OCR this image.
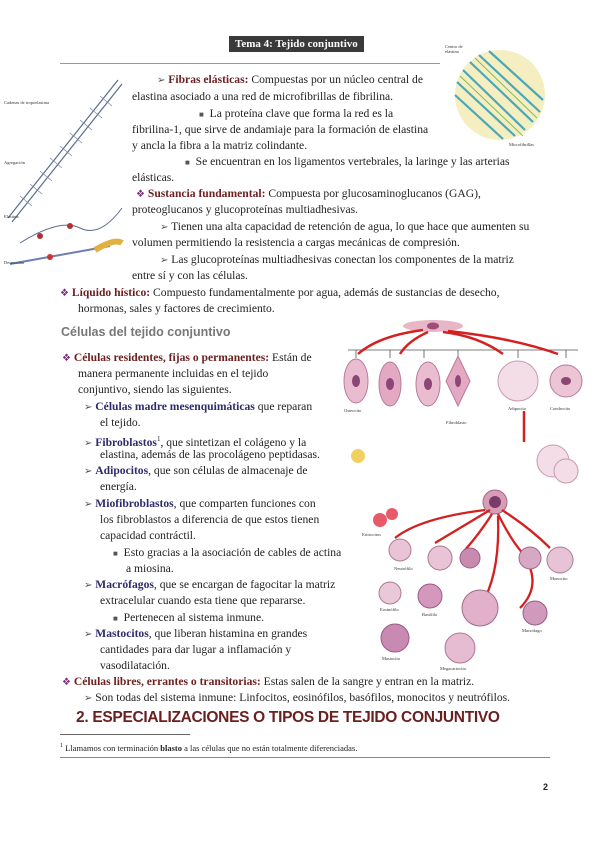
Tema 4: Tejido conjuntivo
Cadenas de tropoelastina
Agregación
Elastina
Desmosina
Centro de
elastina
Microfibrillas
➢ Fibras elásticas: Compuestas por un núcleo central de
elastina asociado a una red de microfibrillas de fibrilina.
■ La proteína clave que forma la red es la
fibrilina-1, que sirve de andamiaje para la formación de elastina
y ancla la fibra a la matriz colindante.
■ Se encuentran en los ligamentos vertebrales, la laringe y las arterias
elásticas.
❖ Sustancia fundamental: Compuesta por glucosaminoglucanos (GAG),
proteoglucanos y glucoproteínas multiadhesivas.
➢ Tienen una alta capacidad de retención de agua, lo que hace que aumenten su
volumen permitiendo la resistencia a cargas mecánicas de compresión.
➢ Las glucoproteínas multiadhesivas conectan los componentes de la matriz
entre sí y con las células.
❖ Líquido hístico: Compuesto fundamentalmente por agua, además de sustancias de desecho,
hormonas, sales y factores de crecimiento.
Células del tejido conjuntivo
❖ Células residentes, fijas o permanentes: Están de
manera permanente incluidas en el tejido
conjuntivo, siendo las siguientes.
➢ Células madre mesenquimáticas que reparan
el tejido.
➢ Fibroblastos$^1$, que sintetizan el colágeno y la
elastina, además de las procolágeno peptidasas.
➢ Adipocitos, que son células de almacenaje de
energía.
➢ Miofibroblastos, que comparten funciones con
los fibroblastos a diferencia de que estos tienen
capacidad contráctil.
■ Esto gracias a la asociación de cables de actina
a miosina.
➢ Macrófagos, que se encargan de fagocitar la matriz
extracelular cuando esta tiene que repararse.
■ Pertenecen al sistema inmune.
➢ Mastocitos, que liberan histamina en grandes
cantidades para dar lugar a inflamación y
vasodilatación.
❖ Células libres, errantes o transitorias: Estas salen de la sangre y entran en la matriz.
➢ Son todas del sistema inmune: Linfocitos, eosinófilos, basófilos, monocitos y neutrófilos.
Adipocito	Condrocito
Fibroblasto
Osteocito
Eritrocitos
Neutrófilo
Eosinófilo
Basófilo
Monocito
Macrófago
Megacariocito
Mastocito
2. ESPECIALIZACIONES O TIPOS DE TEJIDO CONJUNTIVO
$^1$ Llamamos con terminación blasto a las células que no están totalmente diferenciadas.
2
